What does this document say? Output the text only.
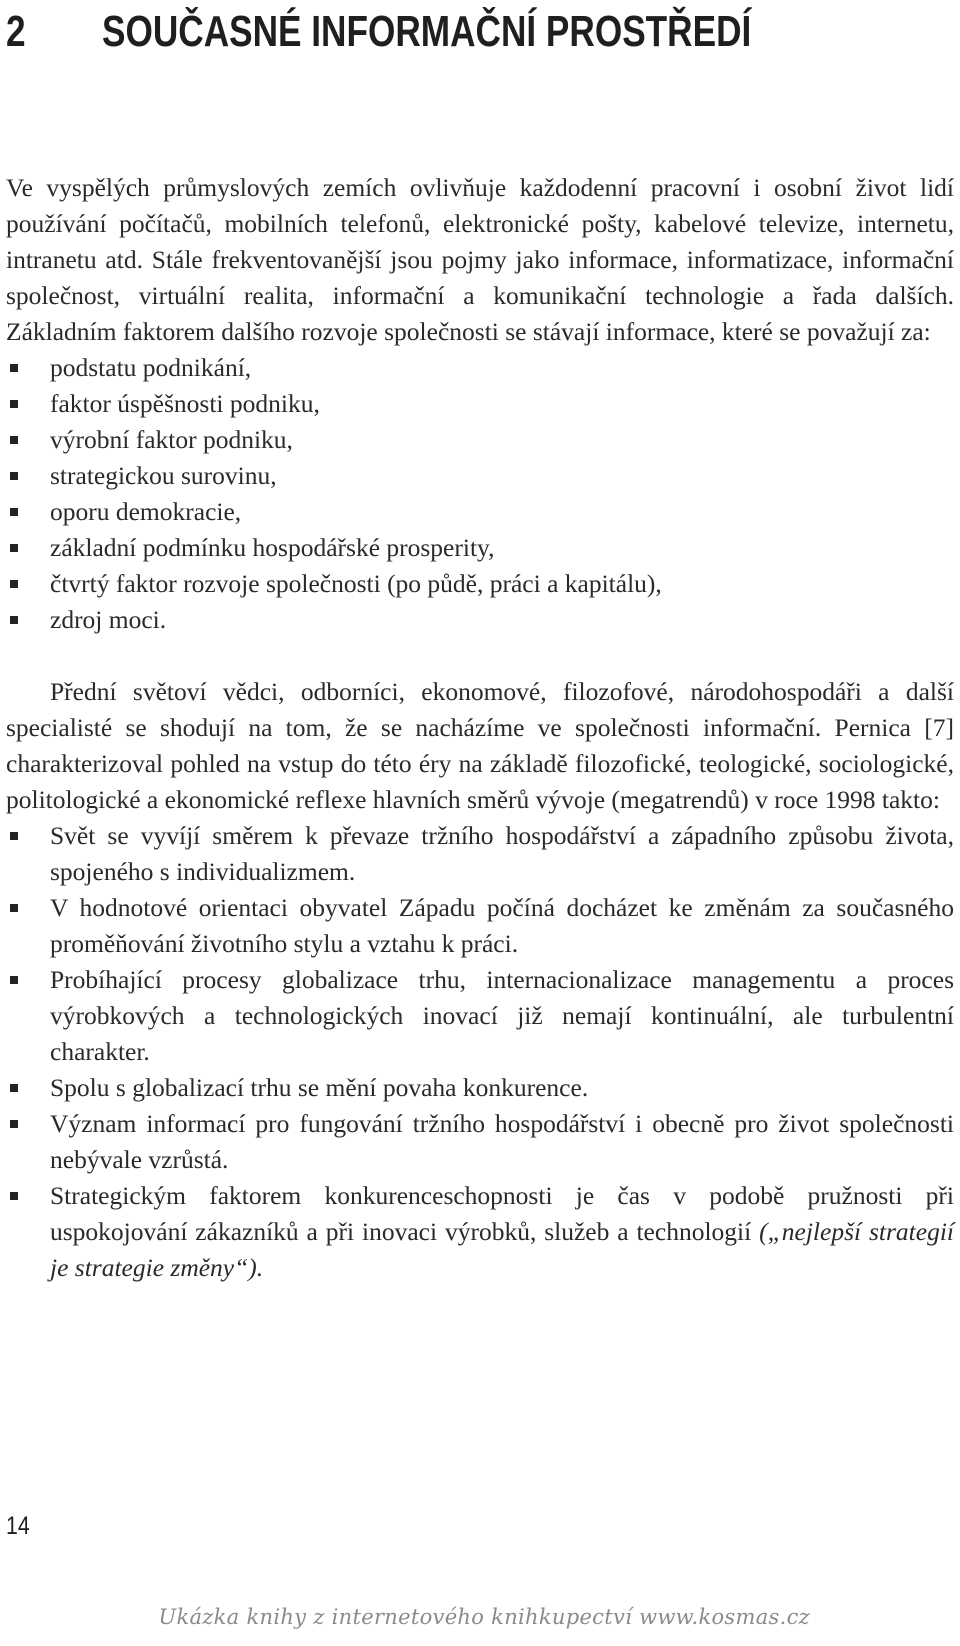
2 SOUČASNÉ INFORMAČNÍ PROSTŘEDÍ

Ve vyspělých průmyslových zemích ovlivňuje každodenní pracovní i osobní život lidí používání počítačů, mobilních telefonů, elektronické pošty, kabelové televize, internetu, intranetu atd. Stále frekventovanější jsou pojmy jako informace, informatizace, informační společnost, virtuální realita, informační a komunikační technologie a řada dalších. Základním faktorem dalšího rozvoje společnosti se stávají informace, které se považují za:

podstatu podnikání,
faktor úspěšnosti podniku,
výrobní faktor podniku,
strategickou surovinu,
oporu demokracie,
základní podmínku hospodářské prosperity,
čtvrtý faktor rozvoje společnosti (po půdě, práci a kapitálu),
zdroj moci.

Přední světoví vědci, odborníci, ekonomové, filozofové, národohospodáři a další specialisté se shodují na tom, že se nacházíme ve společnosti informační. Pernica [7] charakterizoval pohled na vstup do této éry na základě filozofické, teologické, sociologické, politologické a ekonomické reflexe hlavních směrů vývoje (megatrendů) v roce 1998 takto:

Svět se vyvíjí směrem k převaze tržního hospodářství a západního způsobu života, spojeného s individualizmem.
V hodnotové orientaci obyvatel Západu počíná docházet ke změnám za současného proměňování životního stylu a vztahu k práci.
Probíhající procesy globalizace trhu, internacionalizace managementu a proces výrobkových a technologických inovací již nemají kontinuální, ale turbulentní charakter.
Spolu s globalizací trhu se mění povaha konkurence.
Význam informací pro fungování tržního hospodářství i obecně pro život společnosti nebývale vzrůstá.
Strategickým faktorem konkurenceschopnosti je čas v podobě pružnosti při uspokojování zákazníků a při inovaci výrobků, služeb a technologií („nejlepší strategií je strategie změny“).
14
Ukázka knihy z internetového knihkupectví www.kosmas.cz
